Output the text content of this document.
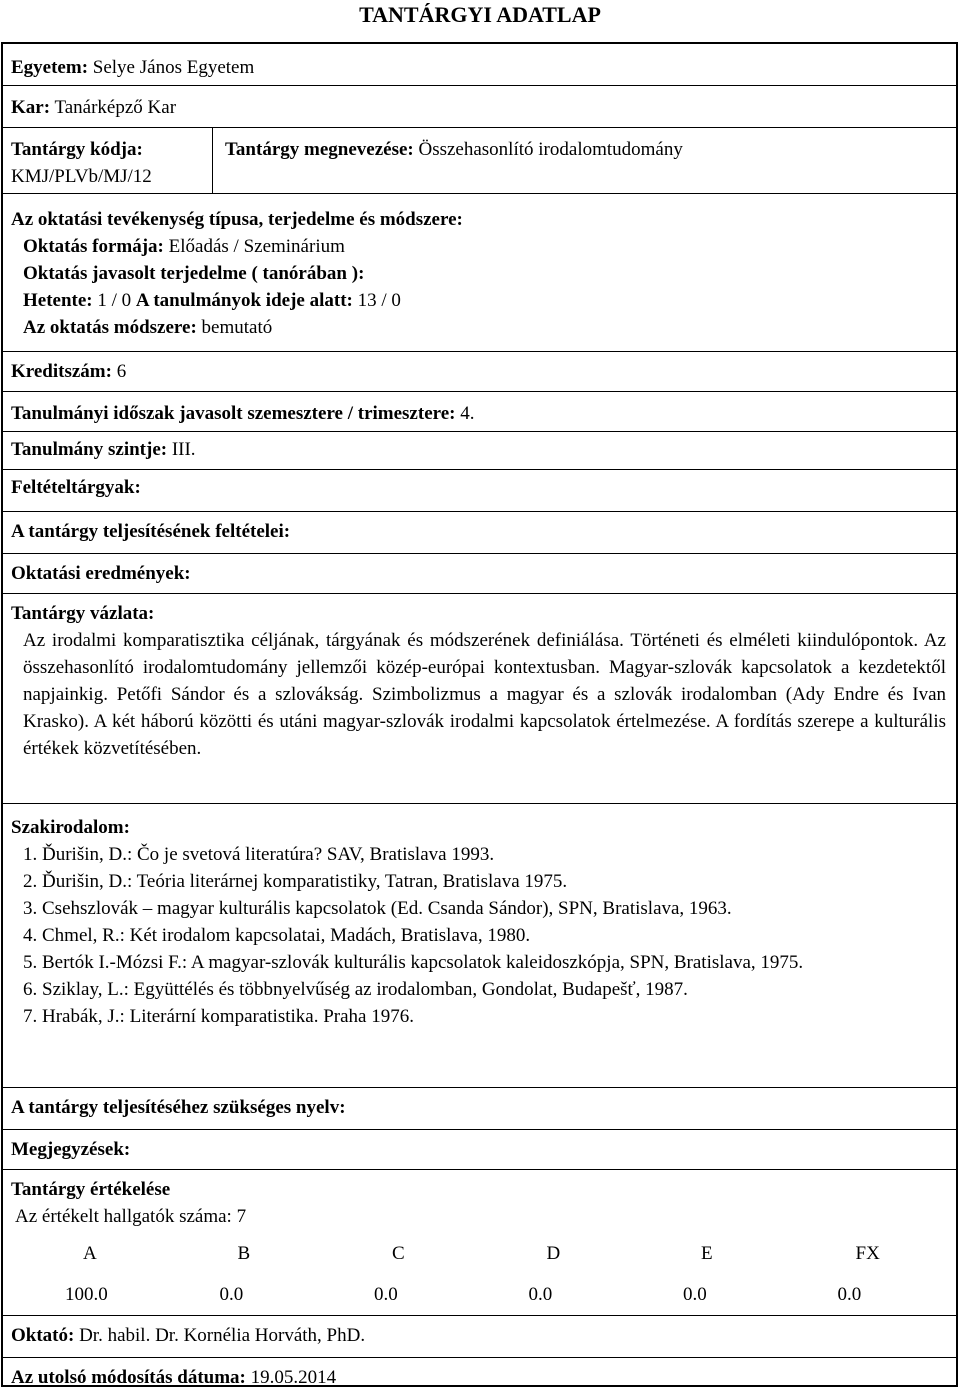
TANTÁRGYI ADATLAP
Egyetem: Selye János Egyetem
Kar: Tanárképző Kar
Tantárgy kódja:
KMJ/PLVb/MJ/12
Tantárgy megnevezése: Összehasonlító irodalomtudomány
Az oktatási tevékenység típusa, terjedelme és módszere:
Oktatás formája: Előadás / Szeminárium
Oktatás javasolt terjedelme ( tanórában ):
Hetente: 1 / 0 A tanulmányok ideje alatt: 13 / 0
Az oktatás módszere: bemutató
Kreditszám: 6
Tanulmányi időszak javasolt szemesztere / trimesztere: 4.
Tanulmány szintje: III.
Feltételtárgyak:
A tantárgy teljesítésének feltételei:
Oktatási eredmények:
Tantárgy vázlata:
Az irodalmi komparatisztika céljának, tárgyának és módszerének definiálása. Történeti és elméleti kiindulópontok. Az összehasonlító irodalomtudomány jellemzői közép-európai kontextusban. Magyar-szlovák kapcsolatok a kezdetektől napjainkig. Petőfi Sándor és a szlovákság. Szimbolizmus a magyar és a szlovák irodalomban (Ady Endre és Ivan Krasko). A két háború közötti és utáni magyar-szlovák irodalmi kapcsolatok értelmezése. A fordítás szerepe a kulturális értékek közvetítésében.
Szakirodalom:
1. Ďurišin, D.: Čo je svetová literatúra? SAV, Bratislava 1993.
2. Ďurišin, D.: Teória literárnej komparatistiky, Tatran, Bratislava 1975.
3. Csehszlovák – magyar kulturális kapcsolatok (Ed. Csanda Sándor), SPN, Bratislava, 1963.
4. Chmel, R.: Két irodalom kapcsolatai, Madách, Bratislava, 1980.
5. Bertók I.-Mózsi F.: A magyar-szlovák kulturális kapcsolatok kaleidoszkópja, SPN, Bratislava, 1975.
6. Sziklay, L.: Együttélés és többnyelvűség az irodalomban, Gondolat, Budapešť, 1987.
7. Hrabák, J.: Literární komparatistika. Praha 1976.
A tantárgy teljesítéséhez szükséges nyelv:
Megjegyzések:
Tantárgy értékelése
Az értékelt hallgatók száma: 7
A	B	C	D	E	FX
100.0	0.0	0.0	0.0	0.0	0.0
Oktató: Dr. habil. Dr. Kornélia Horváth, PhD.
Az utolsó módosítás dátuma: 19.05.2014
